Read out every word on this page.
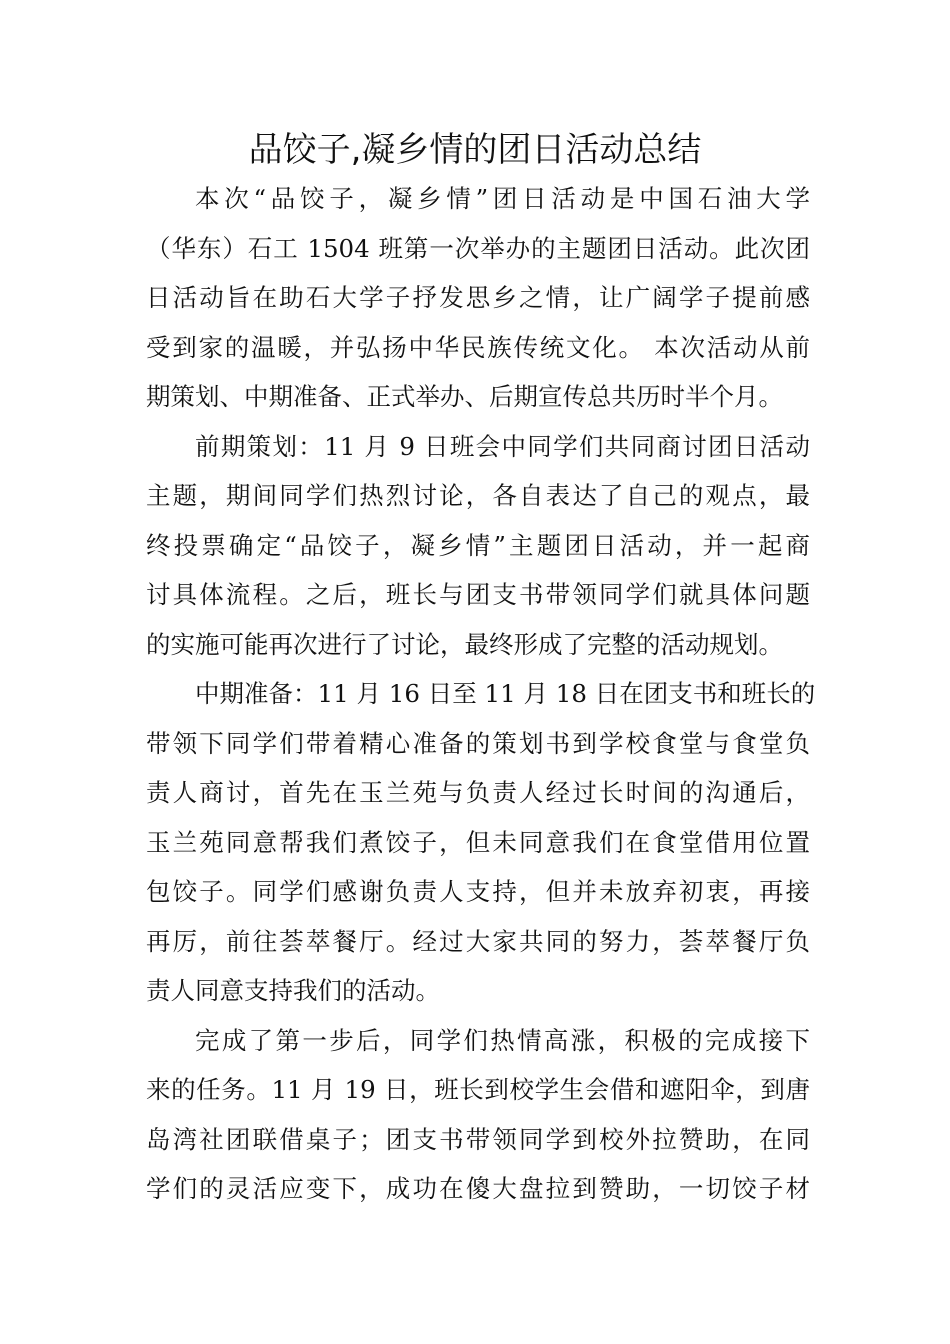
品饺子,凝乡情的团日活动总结

本次“品饺子，凝乡情”团日活动是中国石油大学
（华东）石工 1504 班第一次举办的主题团日活动。此次团
日活动旨在助石大学子抒发思乡之情，让广阔学子提前感
受到家的温暖，并弘扬中华民族传统文化。 本次活动从前
期策划、中期准备、正式举办、后期宣传总共历时半个月。

前期策划：11 月 9 日班会中同学们共同商讨团日活动
主题，期间同学们热烈讨论，各自表达了自己的观点，最
终投票确定“品饺子，凝乡情”主题团日活动，并一起商
讨具体流程。之后，班长与团支书带领同学们就具体问题
的实施可能再次进行了讨论，最终形成了完整的活动规划。

中期准备：11 月 16 日至 11 月 18 日在团支书和班长的
带领下同学们带着精心准备的策划书到学校食堂与食堂负
责人商讨，首先在玉兰苑与负责人经过长时间的沟通后，
玉兰苑同意帮我们煮饺子，但未同意我们在食堂借用位置
包饺子。同学们感谢负责人支持，但并未放弃初衷，再接
再厉，前往荟萃餐厅。经过大家共同的努力，荟萃餐厅负
责人同意支持我们的活动。

完成了第一步后，同学们热情高涨，积极的完成接下
来的任务。11 月 19 日，班长到校学生会借和遮阳伞，到唐
岛湾社团联借桌子；团支书带领同学到校外拉赞助，在同
学们的灵活应变下，成功在傻大盘拉到赞助，一切饺子材
